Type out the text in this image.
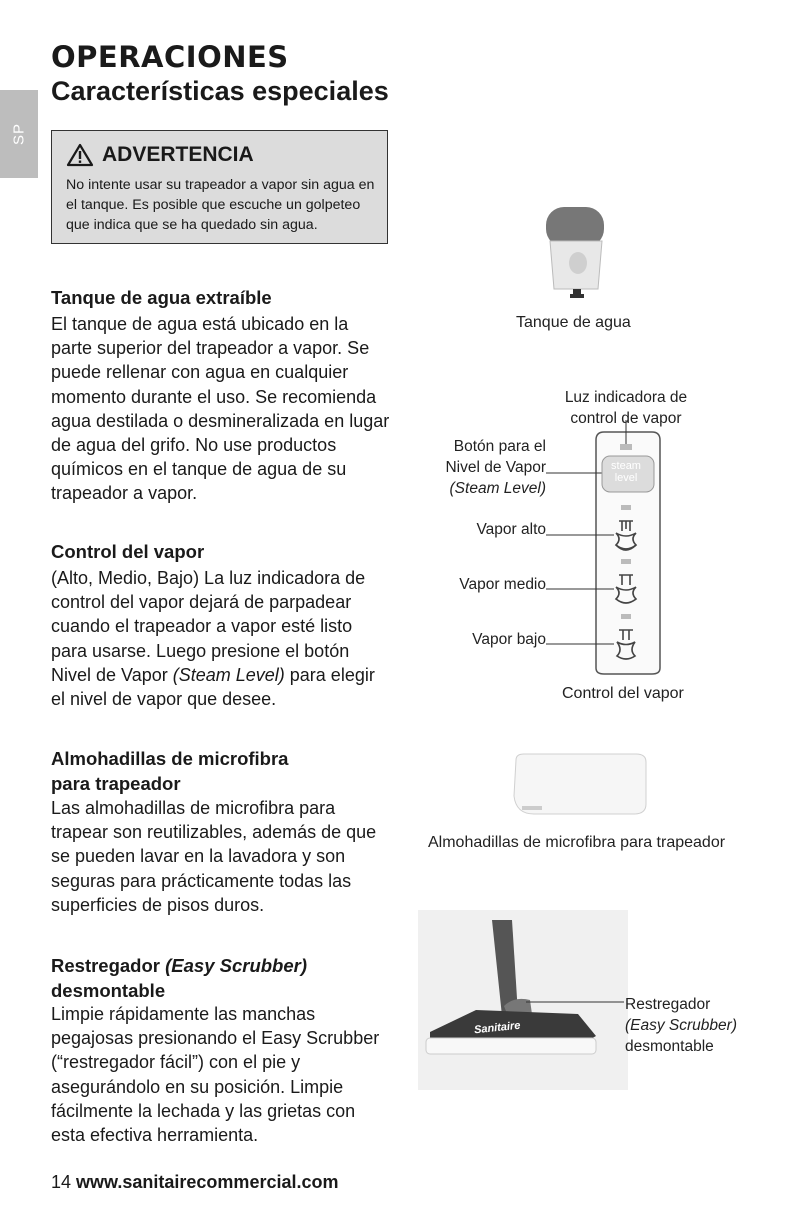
SP
OPERACIONES
Características especiales
ADVERTENCIA
No intente usar su trapeador a vapor sin agua en el tanque. Es posible que escuche un golpeteo que indica que se ha quedado sin agua.
Tanque de agua extraíble
El tanque de agua está ubicado en la parte superior del trapeador a vapor. Se puede rellenar con agua en cualquier momento durante el uso. Se recomienda agua destilada o desmineralizada en lugar de agua del grifo. No use productos químicos en el tanque de agua de su trapeador a vapor.
Control del vapor
(Alto, Medio, Bajo) La luz indicadora de control del vapor dejará de parpadear cuando el trapeador a vapor esté listo para usarse. Luego presione el botón Nivel de Vapor (Steam Level) para elegir el nivel de vapor que desee.
Almohadillas de microfibra
para trapeador
Las almohadillas de microfibra para trapear son reutilizables, además de que se pueden lavar en la lavadora y son seguras para prácticamente todas las superficies de pisos duros.
Restregador (Easy Scrubber)
desmontable
Limpie rápidamente las manchas pegajosas presionando el Easy Scrubber (“restregador fácil”) con el pie y asegurándolo en su posición. Limpie fácilmente la lechada y las grietas con esta efectiva herramienta.
Tanque de agua
Luz indicadora de
control de vapor
Botón para el
Nivel de Vapor
(Steam Level)
Vapor alto
Vapor medio
Vapor bajo
steam
level
Control del vapor
Almohadillas de microfibra para trapeador
Sanitaire
Restregador
(Easy Scrubber)
desmontable
14 www.sanitairecommercial.com
